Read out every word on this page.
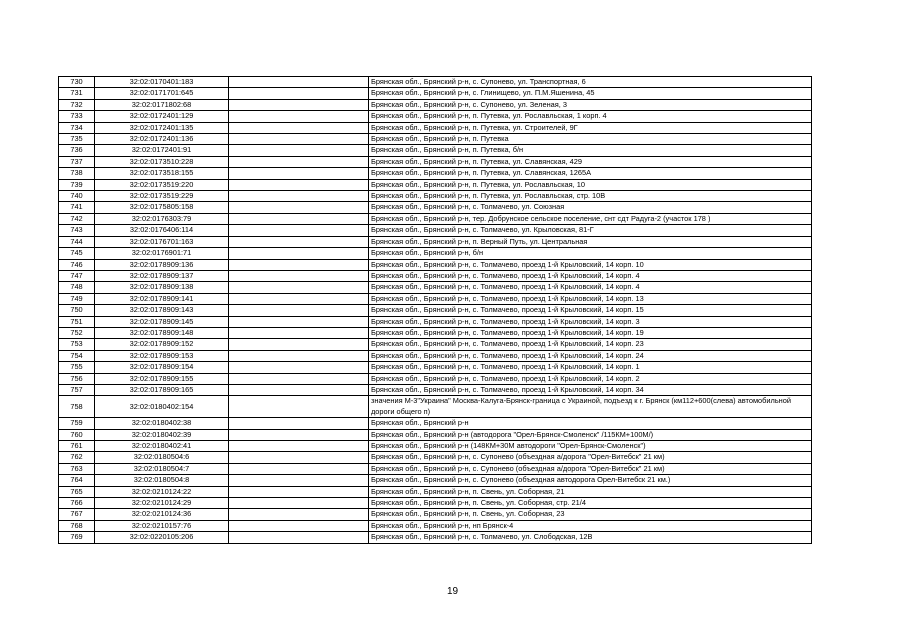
730	32:02:0170401:183		Брянская обл., Брянский р-н, с. Супонево, ул. Транспортная, 6
731	32:02:0171701:645		Брянская обл., Брянский р-н, с. Глинищево, ул. П.М.Яшенина, 45
732	32:02:0171802:68		Брянская обл., Брянский р-н, с. Супонево, ул. Зеленая, 3
733	32:02:0172401:129		Брянская обл., Брянский р-н, п. Путевка, ул. Рославльская, 1 корп. 4
734	32:02:0172401:135		Брянская обл., Брянский р-н, п. Путевка, ул. Строителей, 9Г
735	32:02:0172401:136		Брянская обл., Брянский р-н, п. Путевка
736	32:02:0172401:91		Брянская обл., Брянский р-н, п. Путевка, б/н
737	32:02:0173510:228		Брянская обл., Брянский р-н, п. Путевка, ул. Славянская, 429
738	32:02:0173518:155		Брянская обл., Брянский р-н, п. Путевка, ул. Славянская, 1265А
739	32:02:0173519:220		Брянская обл., Брянский р-н, п. Путевка, ул. Рославльская, 10
740	32:02:0173519:229		Брянская обл., Брянский р-н, п. Путевка, ул. Рославльская, стр. 10В
741	32:02:0175805:158		Брянская обл., Брянский р-н, с. Толмачево, ул. Союзная
742	32:02:0176303:79		Брянская обл., Брянский р-н, тер. Добрунское сельское поселение, снт сдт Радуга-2 (участок 178 )
743	32:02:0176406:114		Брянская обл., Брянский р-н, с. Толмачево, ул. Крыловская, 81-Г
744	32:02:0176701:163		Брянская обл., Брянский р-н, п. Верный Путь, ул. Центральная
745	32:02:0176901:71		Брянская обл., Брянский р-н, б/н
746	32:02:0178909:136		Брянская обл., Брянский р-н, с. Толмачево, проезд 1-й Крыловский, 14 корп. 10
747	32:02:0178909:137		Брянская обл., Брянский р-н, с. Толмачево, проезд 1-й Крыловский, 14 корп. 4
748	32:02:0178909:138		Брянская обл., Брянский р-н, с. Толмачево, проезд 1-й Крыловский, 14 корп. 4
749	32:02:0178909:141		Брянская обл., Брянский р-н, с. Толмачево, проезд 1-й Крыловский, 14 корп. 13
750	32:02:0178909:143		Брянская обл., Брянский р-н, с. Толмачево, проезд 1-й Крыловский, 14 корп. 15
751	32:02:0178909:145		Брянская обл., Брянский р-н, с. Толмачево, проезд 1-й Крыловский, 14 корп. 3
752	32:02:0178909:148		Брянская обл., Брянский р-н, с. Толмачево, проезд 1-й Крыловский, 14 корп. 19
753	32:02:0178909:152		Брянская обл., Брянский р-н, с. Толмачево, проезд 1-й Крыловский, 14 корп. 23
754	32:02:0178909:153		Брянская обл., Брянский р-н, с. Толмачево, проезд 1-й Крыловский, 14 корп. 24
755	32:02:0178909:154		Брянская обл., Брянский р-н, с. Толмачево, проезд 1-й Крыловский, 14 корп. 1
756	32:02:0178909:155		Брянская обл., Брянский р-н, с. Толмачево, проезд 1-й Крыловский, 14 корп. 2
757	32:02:0178909:165		Брянская обл., Брянский р-н, с. Толмачево, проезд 1-й Крыловский, 14 корп. 34
758	32:02:0180402:154		значения М-3"Украина" Москва-Калуга-Брянск-граница с Украиной, подъезд к г. Брянск (км112+600(слева) автомобильной дороги общего п)
759	32:02:0180402:38		Брянская обл., Брянский р-н
760	32:02:0180402:39		Брянская обл., Брянский р-н (автодорога "Орел-Брянск-Смоленск" /115КМ+100М/)
761	32:02:0180402:41		Брянская обл., Брянский р-н (148КМ+30М автодороги "Орел-Брянск-Смоленск")
762	32:02:0180504:6		Брянская обл., Брянский р-н, с. Супонево (объездная а/дорога "Орел-Витебск" 21 км)
763	32:02:0180504:7		Брянская обл., Брянский р-н, с. Супонево (объездная а/дорога "Орел-Витебск" 21 км)
764	32:02:0180504:8		Брянская обл., Брянский р-н, с. Супонево (объездная автодорога Орел-Витебск 21 км.)
765	32:02:0210124:22		Брянская обл., Брянский р-н, п. Свень, ул. Соборная, 21
766	32:02:0210124:29		Брянская обл., Брянский р-н, п. Свень, ул. Соборная, стр. 21/4
767	32:02:0210124:36		Брянская обл., Брянский р-н, п. Свень, ул. Соборная, 23
768	32:02:0210157:76		Брянская обл., Брянский р-н, нп Брянск-4
769	32:02:0220105:206		Брянская обл., Брянский р-н, с. Толмачево, ул. Слободская, 12В
19
